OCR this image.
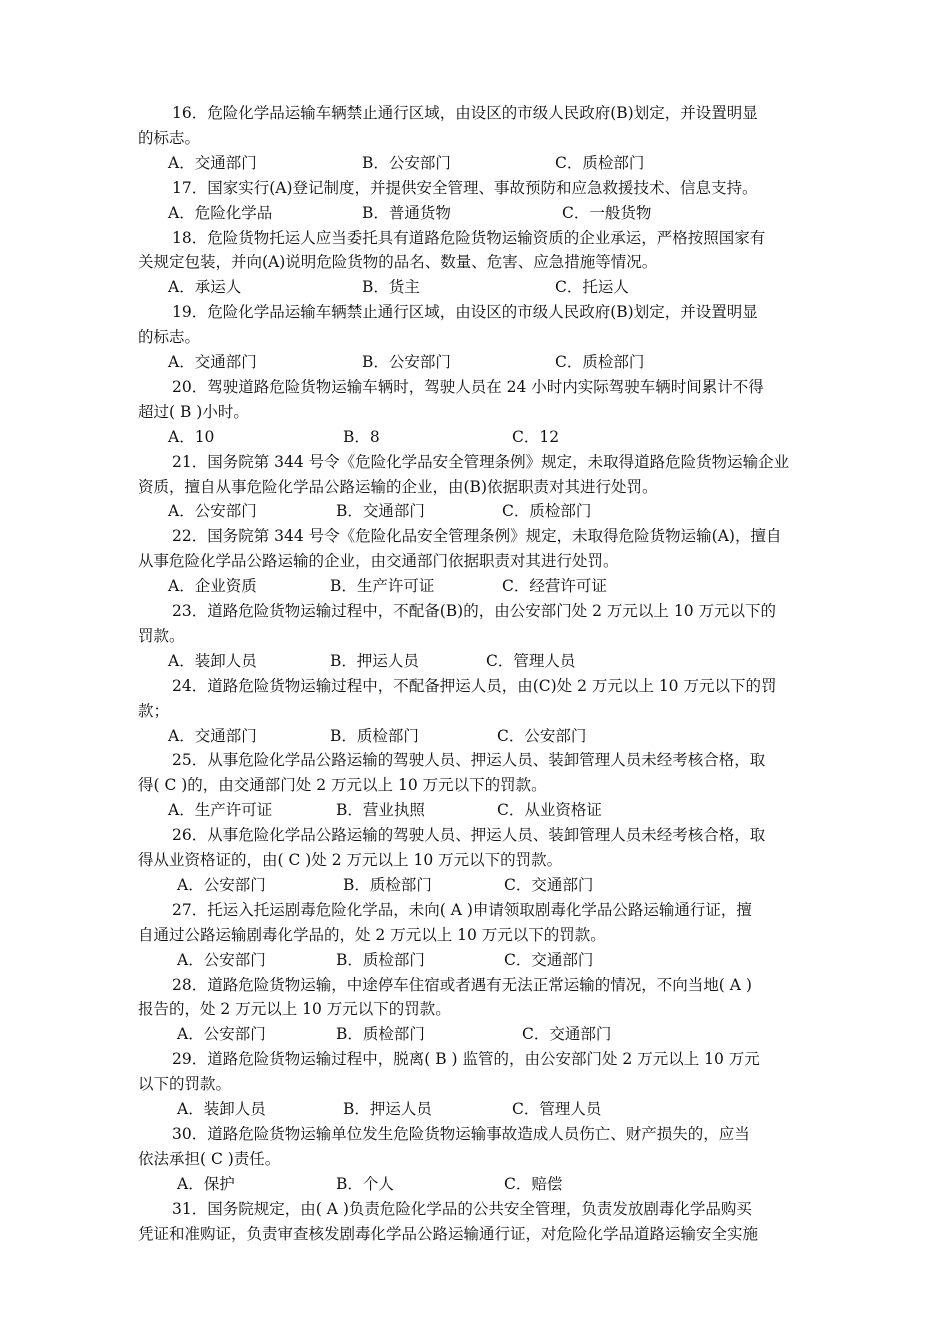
16．危险化学品运输车辆禁止通行区域，由设区的市级人民政府(B)划定，并设置明显
的标志。
A．交通部门	B．公安部门	C．质检部门
17．国家实行(A)登记制度，并提供安全管理、事故预防和应急救援技术、信息支持。
A．危险化学品	B．普通货物	C．一般货物
18．危险货物托运人应当委托具有道路危险货物运输资质的企业承运，严格按照国家有
关规定包装，并向(A)说明危险货物的品名、数量、危害、应急措施等情况。
A．承运人	B．货主	C．托运人
19．危险化学品运输车辆禁止通行区域，由设区的市级人民政府(B)划定，并设置明显
的标志。
A．交通部门	B．公安部门	C．质检部门
20．驾驶道路危险货物运输车辆时，驾驶人员在 24 小时内实际驾驶车辆时间累计不得
超过( B )小时。
A．10	B．8	C．12
21．国务院第 344 号令《危险化学品安全管理条例》规定，未取得道路危险货物运输企业
资质，擅自从事危险化学品公路运输的企业，由(B)依据职责对其进行处罚。
A．公安部门	B．交通部门	C．质检部门
22．国务院第 344 号令《危险化品安全管理条例》规定，未取得危险货物运输(A)，擅自
从事危险化学品公路运输的企业，由交通部门依据职责对其进行处罚。
A．企业资质	B．生产许可证	C．经营许可证
23．道路危险货物运输过程中，不配备(B)的，由公安部门处 2 万元以上 10 万元以下的
罚款。
A．装卸人员	B．押运人员	C．管理人员
24．道路危险货物运输过程中，不配备押运人员，由(C)处 2 万元以上 10 万元以下的罚
款；
A．交通部门	B．质检部门	C．公安部门
25．从事危险化学品公路运输的驾驶人员、押运人员、装卸管理人员未经考核合格，取
得( C )的，由交通部门处 2 万元以上 10 万元以下的罚款。
A．生产许可证	B．营业执照	C．从业资格证
26．从事危险化学品公路运输的驾驶人员、押运人员、装卸管理人员未经考核合格，取
得从业资格证的，由( C )处 2 万元以上 10 万元以下的罚款。
A．公安部门	B．质检部门	C．交通部门
27．托运入托运剧毒危险化学品，未向( A )申请领取剧毒化学品公路运输通行证，擅
自通过公路运输剧毒化学品的，处 2 万元以上 10 万元以下的罚款。
A．公安部门	B．质检部门	C．交通部门
28．道路危险货物运输，中途停车住宿或者遇有无法正常运输的情况，不向当地( A )
报告的，处 2 万元以上 10 万元以下的罚款。
A．公安部门	B．质检部门	C．交通部门
29．道路危险货物运输过程中，脱离( B ) 监管的，由公安部门处 2 万元以上 10 万元
以下的罚款。
A．装卸人员	B．押运人员	C．管理人员
30．道路危险货物运输单位发生危险货物运输事故造成人员伤亡、财产损失的，应当
依法承担( C )责任。
A．保护	B．个人	C．赔偿
31．国务院规定，由( A )负责危险化学品的公共安全管理，负责发放剧毒化学品购买
凭证和准购证，负责审查核发剧毒化学品公路运输通行证，对危险化学品道路运输安全实施
